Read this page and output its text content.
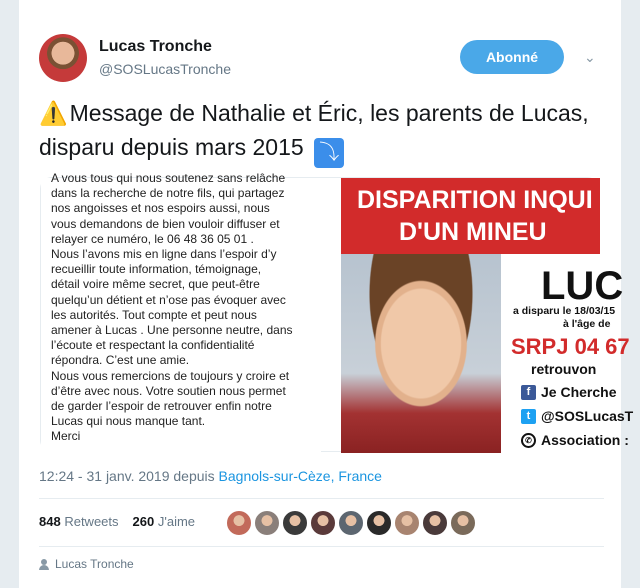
Lucas Tronche
@SOSLucasTronche
Abonné	⌄
⚠️Message de Nathalie et Éric, les parents de Lucas, disparu depuis mars 2015 ⤵

A vous tous qui nous soutenez sans relâche

dans la recherche de notre fils, qui partagez

nos angoisses et nos espoirs aussi, nous

vous demandons de bien vouloir diffuser et

relayer ce numéro, le 06 48 36 05 01 .

Nous l’avons mis en ligne dans l’espoir d’y

recueillir toute information, témoignage,

détail voire même secret, que peut-être

quelqu’un détient et n’ose pas évoquer avec

les autorités. Tout compte et peut nous

amener à Lucas . Une personne neutre, dans

l’écoute et respectant la confidentialité

répondra. C’est une amie.

Nous vous remercions de toujours y croire et

d’être avec nous. Votre soutien nous permet

de garder l’espoir de retrouver enfin notre

Lucas qui nous manque tant.

Merci

DISPARITION INQUI
D'UN MINEU
LUC
a disparu le 18/03/15
à l'âge de
SRPJ 04 67
retrouvon
f Je Cherche
t @SOSLucasT
✆ Association :
12:24 - 31 janv. 2019 depuis Bagnols-sur-Cèze, France
848 Retweets 260 J'aime
Lucas Tronche
